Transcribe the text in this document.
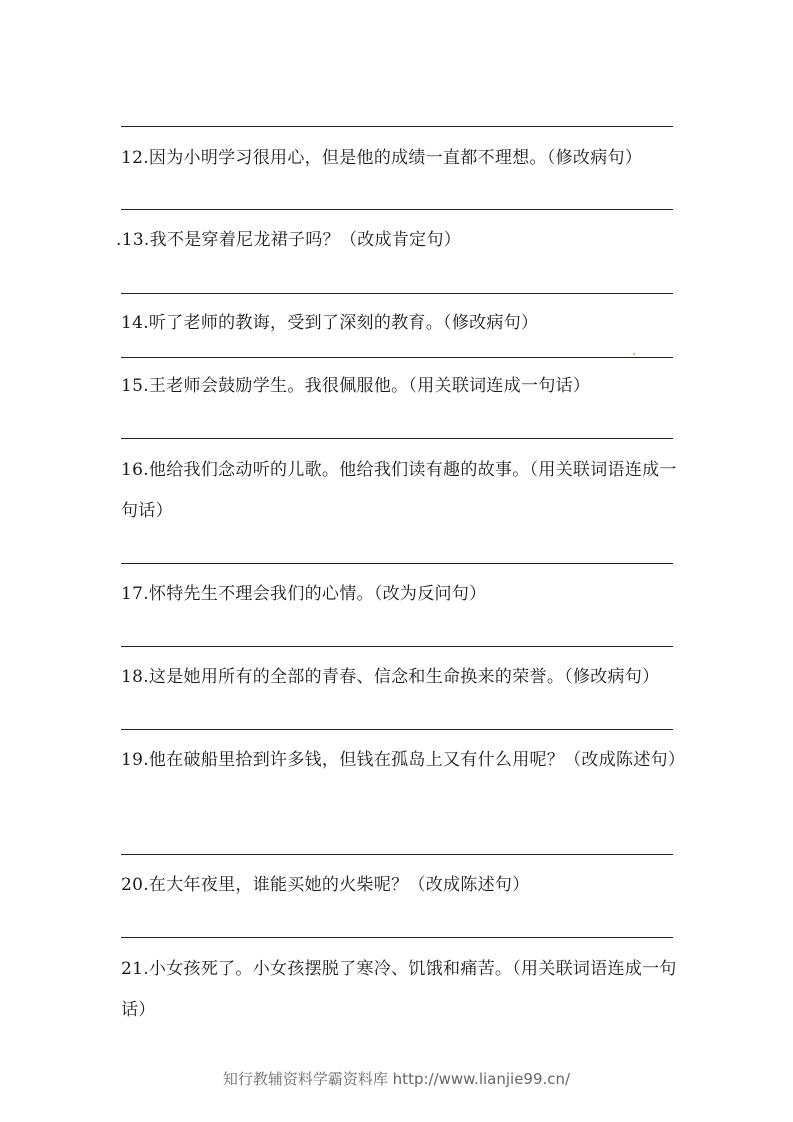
12.因为小明学习很用心，但是他的成绩一直都不理想。（修改病句）
.13.我不是穿着尼龙裙子吗？（改成肯定句）
14.听了老师的教诲，受到了深刻的教育。（修改病句）
15.王老师会鼓励学生。我很佩服他。（用关联词连成一句话）
16.他给我们念动听的儿歌。他给我们读有趣的故事。（用关联词语连成一句话）
17.怀特先生不理会我们的心情。（改为反问句）
18.这是她用所有的全部的青春、信念和生命换来的荣誉。（修改病句）
19.他在破船里拾到许多钱，但钱在孤岛上又有什么用呢？（改成陈述句）
20.在大年夜里，谁能买她的火柴呢？（改成陈述句）
21.小女孩死了。小女孩摆脱了寒冷、饥饿和痛苦。（用关联词语连成一句话）
知行教辅资料学霸资料库 http://www.lianjie99.cn/
